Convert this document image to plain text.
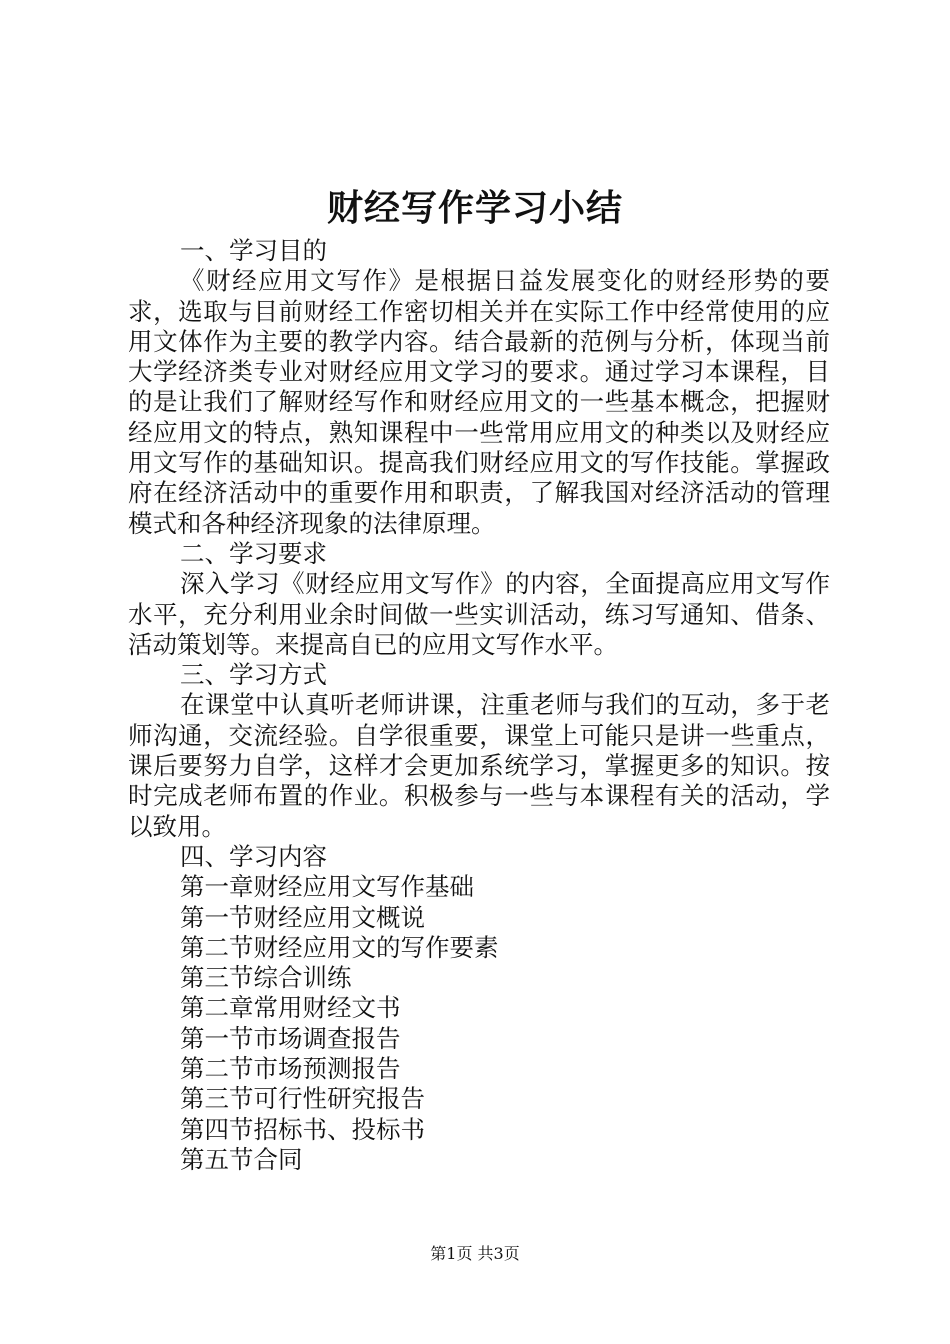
财经写作学习小结
一、学习目的
《财经应用文写作》是根据日益发展变化的财经形势的要求，选取与目前财经工作密切相关并在实际工作中经常使用的应用文体作为主要的教学内容。结合最新的范例与分析，体现当前大学经济类专业对财经应用文学习的要求。通过学习本课程，目的是让我们了解财经写作和财经应用文的一些基本概念，把握财经应用文的特点，熟知课程中一些常用应用文的种类以及财经应用文写作的基础知识。提高我们财经应用文的写作技能。掌握政府在经济活动中的重要作用和职责，了解我国对经济活动的管理模式和各种经济现象的法律原理。
二、学习要求
深入学习《财经应用文写作》的内容，全面提高应用文写作水平，充分利用业余时间做一些实训活动，练习写通知、借条、活动策划等。来提高自已的应用文写作水平。
三、学习方式
在课堂中认真听老师讲课，注重老师与我们的互动，多于老师沟通，交流经验。自学很重要，课堂上可能只是讲一些重点，课后要努力自学，这样才会更加系统学习，掌握更多的知识。按时完成老师布置的作业。积极参与一些与本课程有关的活动，学以致用。
四、学习内容
第一章财经应用文写作基础
第一节财经应用文概说
第二节财经应用文的写作要素
第三节综合训练
第二章常用财经文书
第一节市场调查报告
第二节市场预测报告
第三节可行性研究报告
第四节招标书、投标书
第五节合同
第1页 共3页
